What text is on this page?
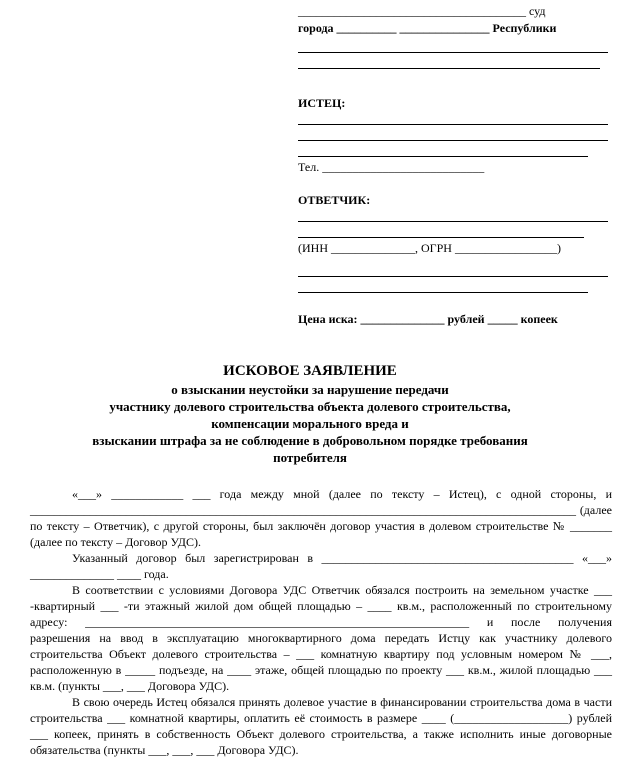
______________________________________ суд
города __________ _______________ Республики
ИСТЕЦ:
Тел. ___________________________
ОТВЕТЧИК:
(ИНН ______________, ОГРН _________________)
Цена иска: ______________ рублей _____ копеек
ИСКОВОЕ ЗАЯВЛЕНИЕ
о взыскании неустойки за нарушение передачи
участнику долевого строительства объекта долевого строительства,
компенсации морального вреда и
взыскании штрафа за не соблюдение в добровольном порядке требования
потребителя

«___» ____________ ___ года между мной (далее по тексту – Истец), с одной стороны, и ___________________________________________________________________________________________ (далее по тексту – Ответчик), с другой стороны, был заключён договор участия в долевом строительстве № _______ (далее по тексту – Договор УДС).

Указанный договор был зарегистрирован в __________________________________________ «___» ______________ ____ года.

В соответствии с условиями Договора УДС Ответчик обязался построить на земельном участке ___ -квартирный ___ -ти этажный жилой дом общей площадью – ____ кв.м., расположенный по строительному адресу: ________________________________________________________________ и после получения разрешения на ввод в эксплуатацию многоквартирного дома передать Истцу как участнику долевого строительства Объект долевого строительства – ___ комнатную квартиру под условным номером № ___, расположенную в _____ подъезде, на ____ этаже, общей площадью по проекту ___ кв.м., жилой площадью ___ кв.м. (пункты ___, ___ Договора УДС).

В свою очередь Истец обязался принять долевое участие в финансировании строительства дома в части строительства ___ комнатной квартиры, оплатить её стоимость в размере ____ (___________________) рублей ___ копеек, принять в собственность Объект долевого строительства, а также исполнить иные договорные обязательства (пункты ___, ___, ___ Договора УДС).
